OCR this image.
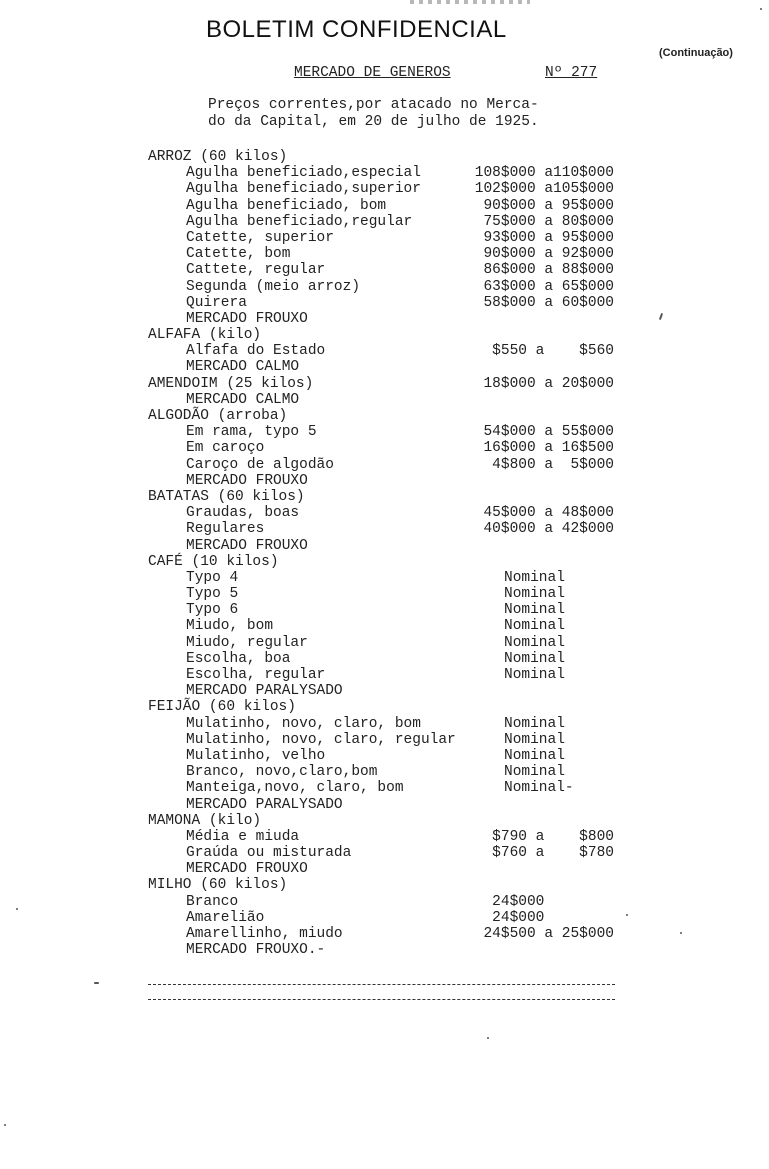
BOLETIM CONFIDENCIAL
(Continuação)
MERCADO DE GENEROS	Nº 277
Preços correntes,por atacado no Merca-
do da Capital, em 20 de julho de 1925.
ARROZ (60 kilos)
Agulha beneficiado,especial	108$000 a110$000
Agulha beneficiado,superior	102$000 a105$000
Agulha beneficiado, bom	90$000 a 95$000
Agulha beneficiado,regular	75$000 a 80$000
Catette, superior	93$000 a 95$000
Catette, bom	90$000 a 92$000
Cattete, regular	86$000 a 88$000
Segunda (meio arroz)	63$000 a 65$000
Quirera	58$000 a 60$000
MERCADO FROUXO
ALFAFA (kilo)
Alfafa do Estado	$550 a    $560
MERCADO CALMO
AMENDOIM (25 kilos)	18$000 a 20$000
MERCADO CALMO
ALGODÃO (arroba)
Em rama, typo 5	54$000 a 55$000
Em caroço	16$000 a 16$500
Caroço de algodão	4$800 a  5$000
MERCADO FROUXO
BATATAS (60 kilos)
Graudas, boas	45$000 a 48$000
Regulares	40$000 a 42$000
MERCADO FROUXO
CAFÉ (10 kilos)
Typo 4	Nominal
Typo 5	Nominal
Typo 6	Nominal
Miudo, bom	Nominal
Miudo, regular	Nominal
Escolha, boa	Nominal
Escolha, regular	Nominal
MERCADO PARALYSADO
FEIJÃO (60 kilos)
Mulatinho, novo, claro, bom	Nominal
Mulatinho, novo, claro, regular	Nominal
Mulatinho, velho	Nominal
Branco, novo,claro,bom	Nominal
Manteiga,novo, claro, bom	Nominal-
MERCADO PARALYSADO
MAMONA (kilo)
Média e miuda	$790 a    $800
Graúda ou misturada	$760 a    $780
MERCADO FROUXO
MILHO (60 kilos)
Branco	24$000
Amarelião	24$000
Amarellinho, miudo	24$500 a 25$000
MERCADO FROUXO.-
